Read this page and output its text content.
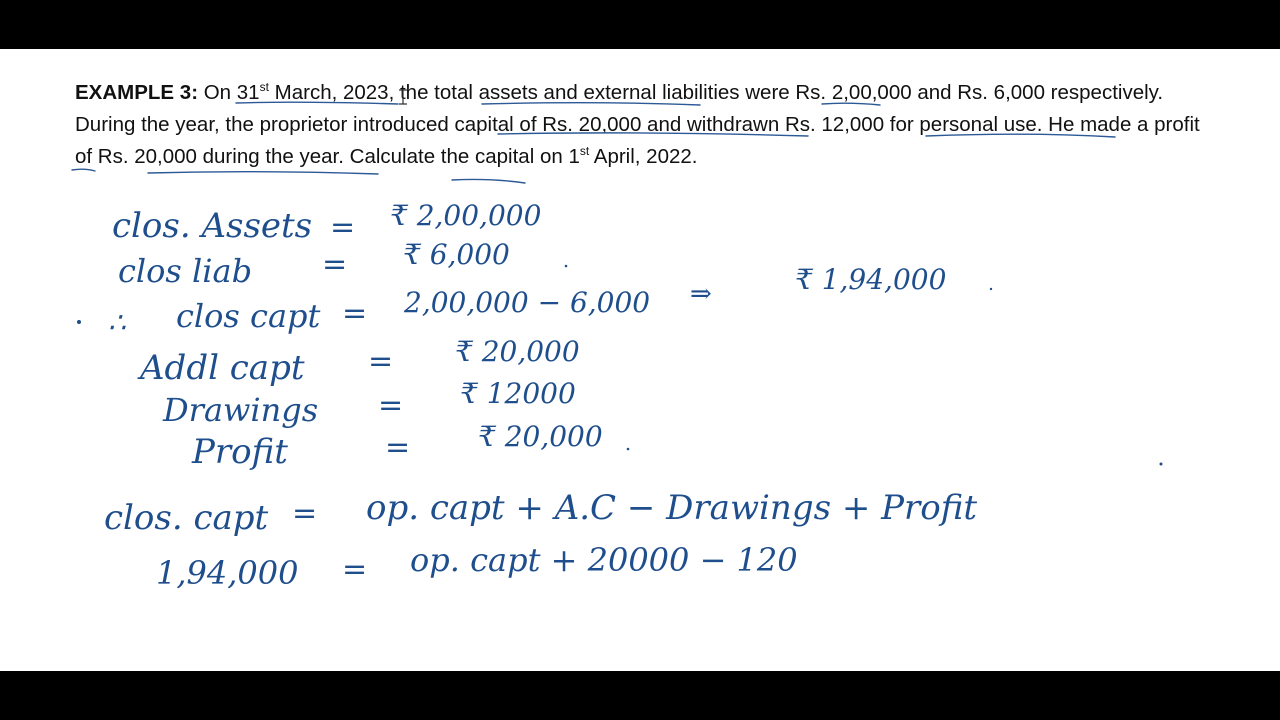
EXAMPLE 3: On 31st March, 2023, the total assets and external liabilities were Rs. 2,00,000 and Rs. 6,000 respectively. During the year, the proprietor introduced capital of Rs. 20,000 and withdrawn Rs. 12,000 for personal use. He made a profit of Rs. 20,000 during the year. Calculate the capital on 1st April, 2022.
clos. Assets = ₹ 2,00,000
clos liab = ₹ 6,000
∴ clos capt = 2,00,000 − 6,000 ⇒	₹ 1,94,000
Addl capt = ₹ 20,000
Drawings = ₹ 12000
Profit	= ₹ 20,000
clos. capt = op. capt + A.C − Drawings + Profit
1,94,000 = op. capt + 20000 − 120
